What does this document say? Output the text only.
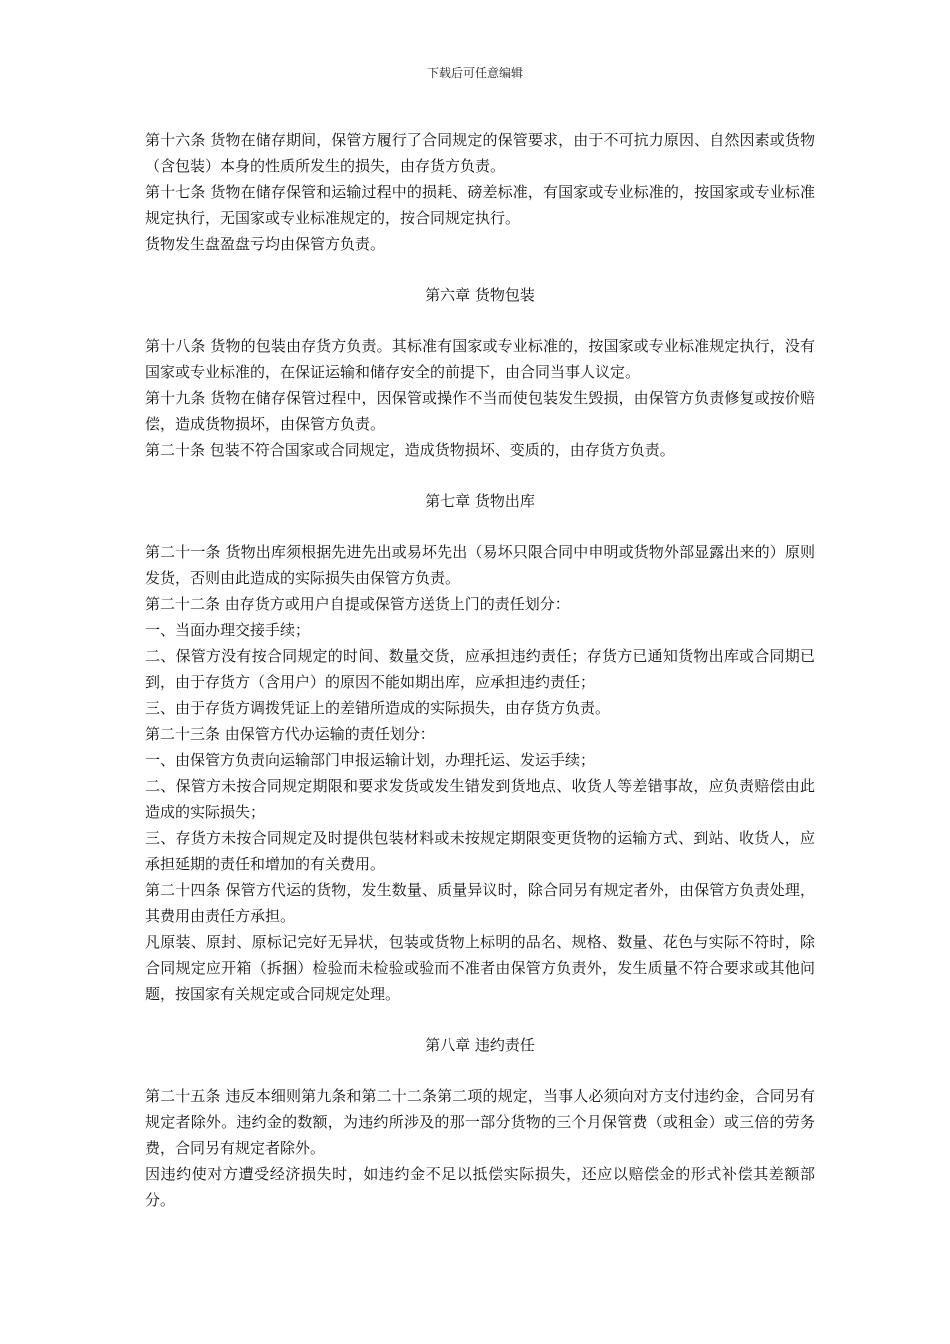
下载后可任意编辑

第十六条 货物在储存期间，保管方履行了合同规定的保管要求，由于不可抗力原因、自然因素或货物（含包装）本身的性质所发生的损失，由存货方负责。

第十七条 货物在储存保管和运输过程中的损耗、磅差标准，有国家或专业标准的，按国家或专业标准规定执行，无国家或专业标准规定的，按合同规定执行。

货物发生盘盈盘亏均由保管方负责。

第六章 货物包装

第十八条 货物的包装由存货方负责。其标准有国家或专业标准的，按国家或专业标准规定执行，没有国家或专业标准的，在保证运输和储存安全的前提下，由合同当事人议定。

第十九条 货物在储存保管过程中，因保管或操作不当而使包装发生毁损，由保管方负责修复或按价赔偿，造成货物损坏，由保管方负责。

第二十条 包装不符合国家或合同规定，造成货物损坏、变质的，由存货方负责。

第七章 货物出库

第二十一条 货物出库须根据先进先出或易坏先出（易坏只限合同中申明或货物外部显露出来的）原则发货，否则由此造成的实际损失由保管方负责。

第二十二条 由存货方或用户自提或保管方送货上门的责任划分：

一、当面办理交接手续；

二、保管方没有按合同规定的时间、数量交货，应承担违约责任；存货方已通知货物出库或合同期已到，由于存货方（含用户）的原因不能如期出库，应承担违约责任；

三、由于存货方调拨凭证上的差错所造成的实际损失，由存货方负责。

第二十三条 由保管方代办运输的责任划分：

一、由保管方负责向运输部门申报运输计划，办理托运、发运手续；

二、保管方未按合同规定期限和要求发货或发生错发到货地点、收货人等差错事故，应负责赔偿由此造成的实际损失；

三、存货方未按合同规定及时提供包装材料或未按规定期限变更货物的运输方式、到站、收货人，应承担延期的责任和增加的有关费用。

第二十四条 保管方代运的货物，发生数量、质量异议时，除合同另有规定者外，由保管方负责处理，其费用由责任方承担。

凡原装、原封、原标记完好无异状，包装或货物上标明的品名、规格、数量、花色与实际不符时，除合同规定应开箱（拆捆）检验而未检验或验而不准者由保管方负责外，发生质量不符合要求或其他问题，按国家有关规定或合同规定处理。

第八章 违约责任

第二十五条 违反本细则第九条和第二十二条第二项的规定，当事人必须向对方支付违约金，合同另有规定者除外。违约金的数额，为违约所涉及的那一部分货物的三个月保管费（或租金）或三倍的劳务费，合同另有规定者除外。

因违约使对方遭受经济损失时，如违约金不足以抵偿实际损失，还应以赔偿金的形式补偿其差额部分。
